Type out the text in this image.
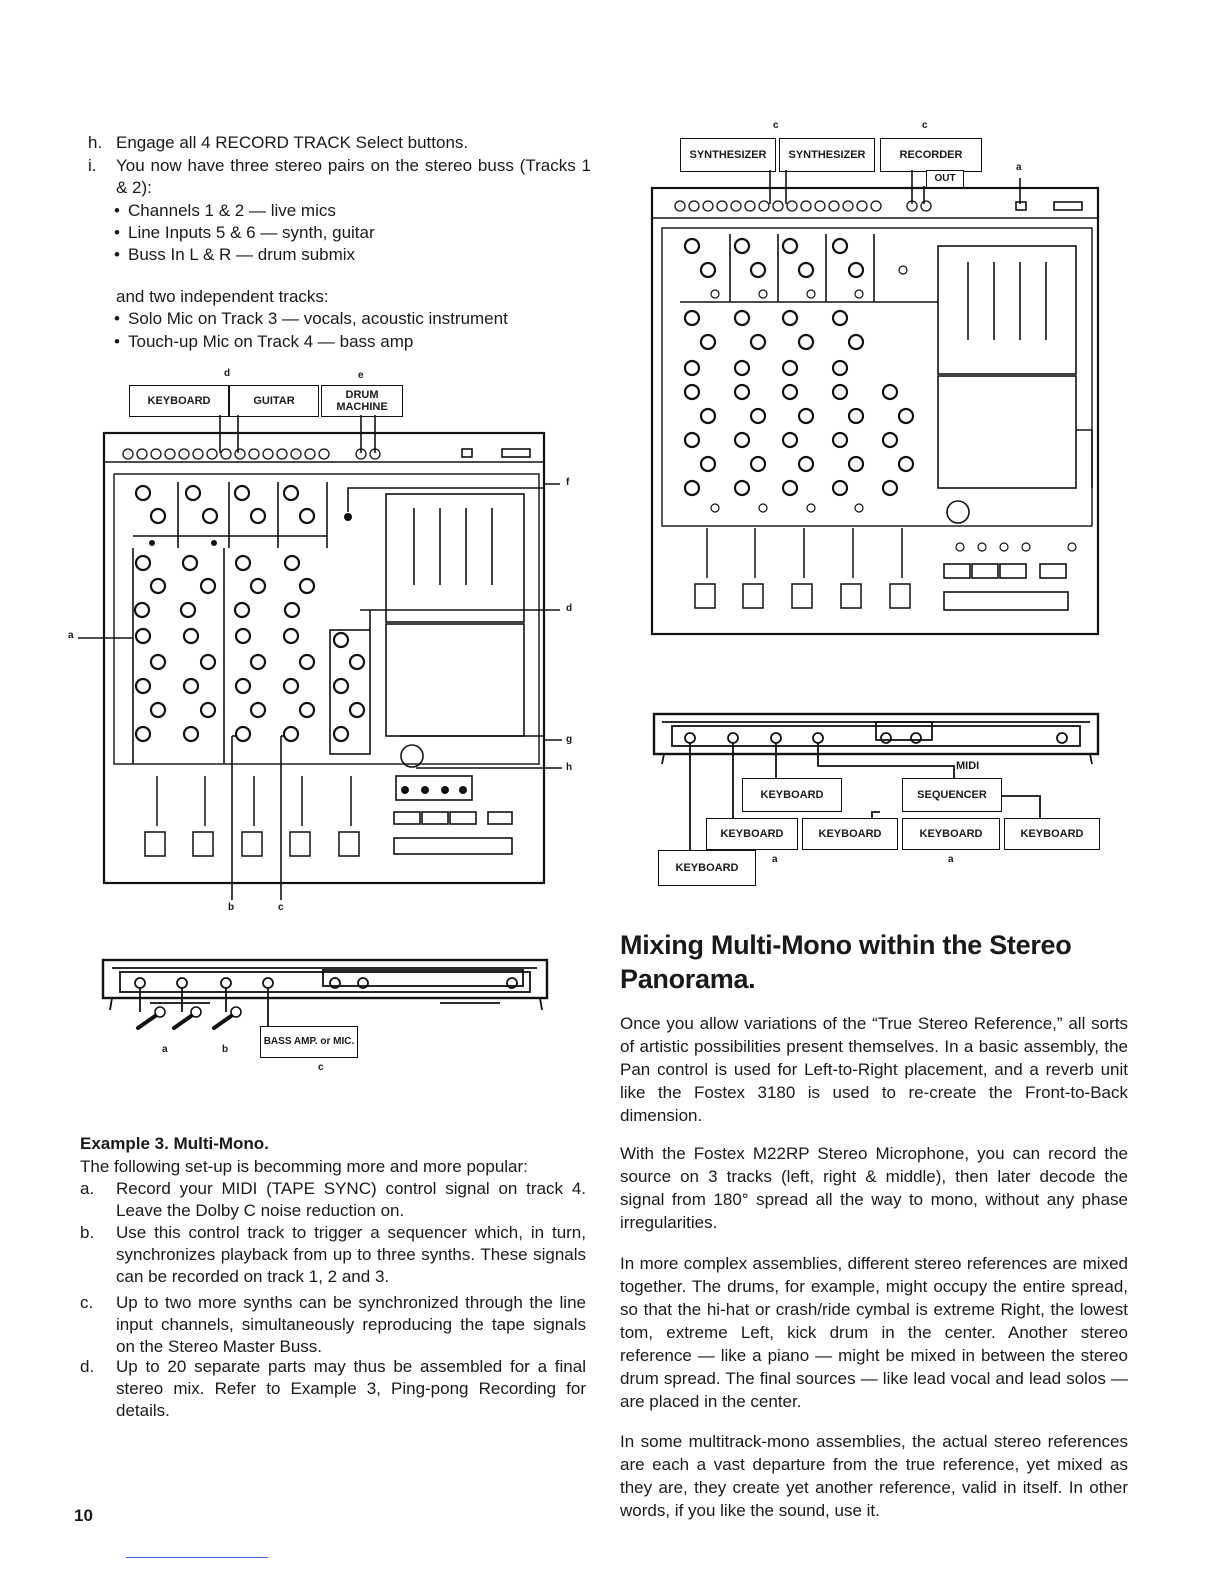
h. Engage all 4 RECORD TRACK Select buttons.
i. You now have three stereo pairs on the stereo buss (Tracks 1 & 2):
• Channels 1 & 2 — live mics
• Line Inputs 5 & 6 — synth, guitar
• Buss In L & R — drum submix
and two independent tracks:
• Solo Mic on Track 3 — vocals, acoustic instrument
• Touch-up Mic on Track 4 — bass amp
d	e
KEYBOARD	GUITAR	DRUM MACHINE
f
d
a
g
h
b	c
BASS AMP. or MIC.
a	b
c
Example 3. Multi-Mono.
The following set-up is becomming more and more popular:
a. Record your MIDI (TAPE SYNC) control signal on track 4. Leave the Dolby C noise reduction on.
b. Use this control track to trigger a sequencer which, in turn, synchronizes playback from up to three synths. These signals can be recorded on track 1, 2 and 3.
c. Up to two more synths can be synchronized through the line input channels, simultaneously reproducing the tape signals on the Stereo Master Buss.
d. Up to 20 separate parts may thus be assembled for a final stereo mix. Refer to Example 3, Ping-pong Recording for details.
10
c	c
SYNTHESIZER	SYNTHESIZER	RECORDER
OUT
a
MIDI
KEYBOARD	SEQUENCER
KEYBOARD	KEYBOARD	KEYBOARD	KEYBOARD
KEYBOARD
a	a
Mixing Multi-Mono within the Stereo Panorama.
Once you allow variations of the “True Stereo Reference,” all sorts of artistic possibilities present themselves. In a basic assembly, the Pan control is used for Left-to-Right placement, and a reverb unit like the Fostex 3180 is used to re-create the Front-to-Back dimension.
With the Fostex M22RP Stereo Microphone, you can record the source on 3 tracks (left, right & middle), then later decode the signal from 180° spread all the way to mono, without any phase irregularities.
In more complex assemblies, different stereo references are mixed together. The drums, for example, might occupy the entire spread, so that the hi-hat or crash/ride cymbal is extreme Right, the lowest tom, extreme Left, kick drum in the center. Another stereo reference — like a piano — might be mixed in between the stereo drum spread. The final sources — like lead vocal and lead solos — are placed in the center.
In some multitrack-mono assemblies, the actual stereo references are each a vast departure from the true reference, yet mixed as they are, they create yet another reference, valid in itself. In other words, if you like the sound, use it.
